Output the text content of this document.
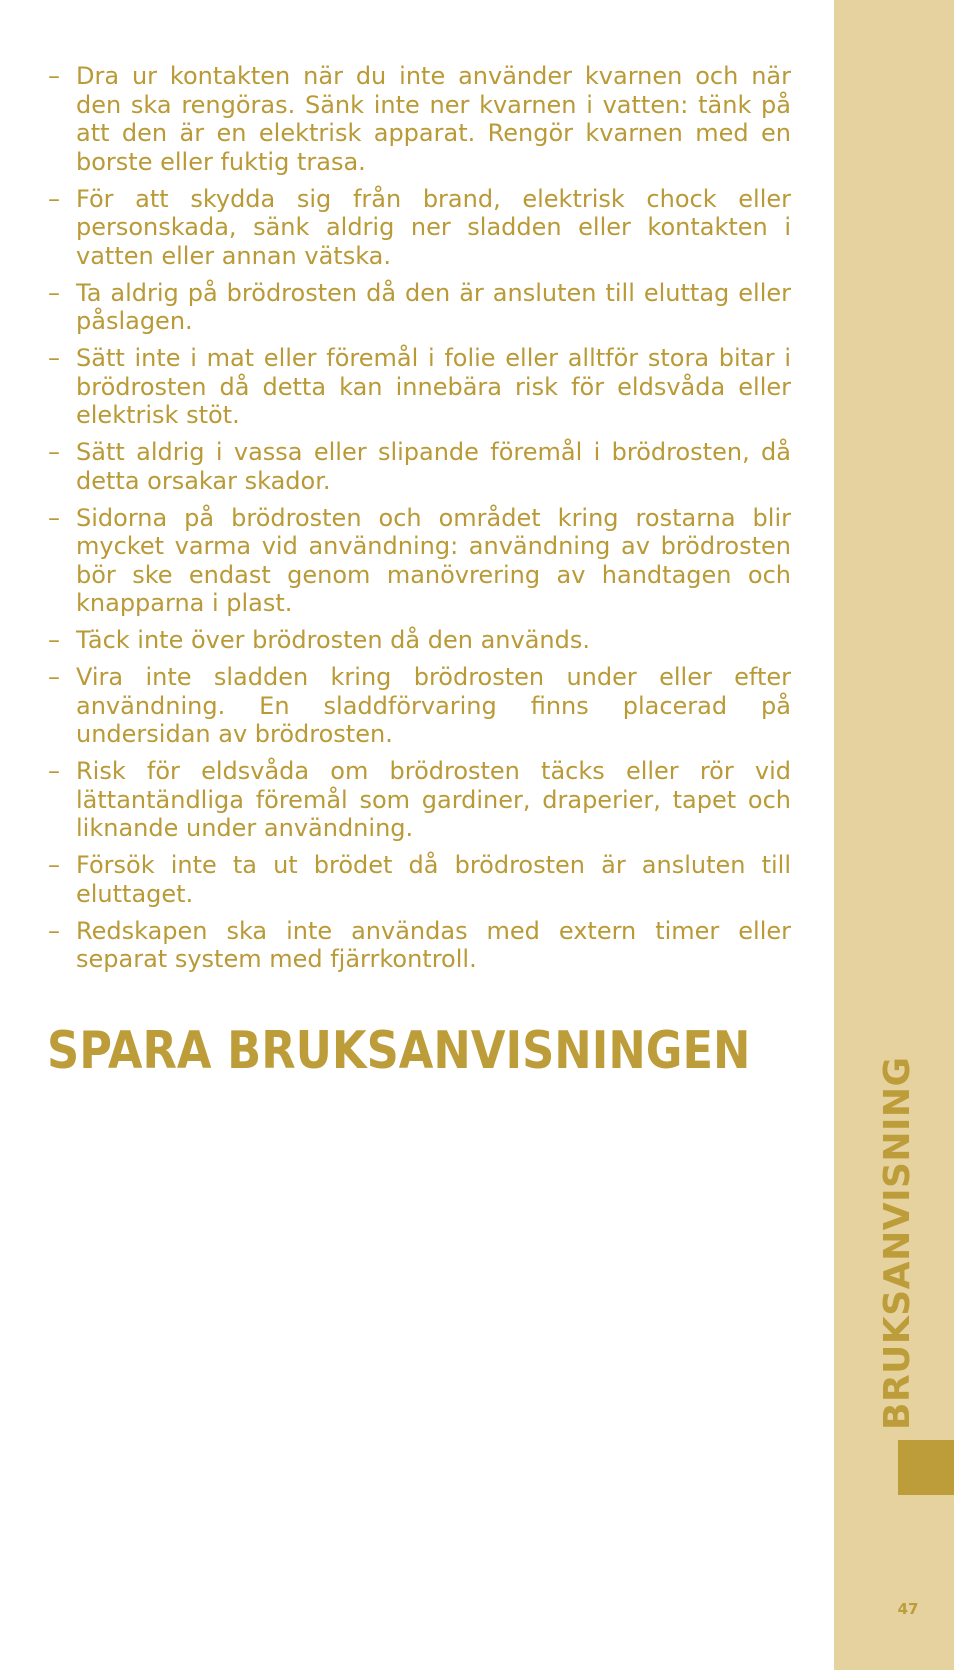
– Dra ur kontakten när du inte använder kvarnen och när den ska rengöras. Sänk inte ner kvarnen i vatten: tänk på att den är en elektrisk apparat. Rengör kvarnen med en borste eller fuktig trasa.
– För att skydda sig från brand, elektrisk chock eller personskada, sänk aldrig ner sladden eller kontakten i vatten eller annan vätska.
– Ta aldrig på brödrosten då den är ansluten till eluttag eller påslagen.
– Sätt inte i mat eller föremål i folie eller alltför stora bitar i brödrosten då detta kan innebära risk för eldsvåda eller elektrisk stöt.
– Sätt aldrig i vassa eller slipande föremål i brödrosten, då detta orsakar skador.
– Sidorna på brödrosten och området kring rostarna blir mycket varma vid användning: användning av brödrosten bör ske endast genom manövrering av handtagen och knapparna i plast.
– Täck inte över brödrosten då den används.
– Vira inte sladden kring brödrosten under eller efter användning. En sladdförvaring finns placerad på undersidan av brödrosten.
– Risk för eldsvåda om brödrosten täcks eller rör vid lättantändliga föremål som gardiner, draperier, tapet och liknande under användning.
– Försök inte ta ut brödet då brödrosten är ansluten till eluttaget.
– Redskapen ska inte användas med extern timer eller separat system med fjärrkontroll.
SPARA BRUKSANVISNINGEN
BRUKSANVISNING
47
